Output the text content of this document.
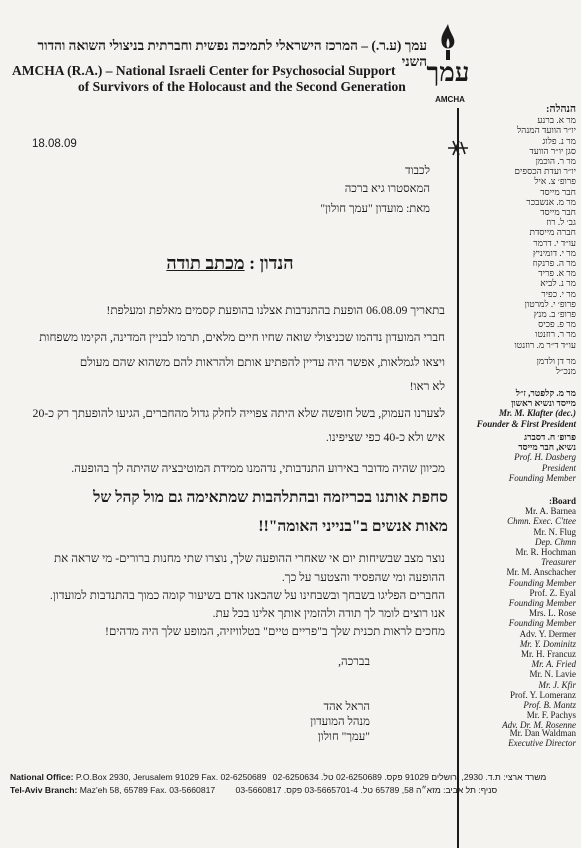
עמך (ע.ר.) – המרכז הישראלי לתמיכה נפשית וחברתית בניצולי השואה והדור השני
AMCHA (R.A.) – National Israeli Center for Psychosocial Support
of Survivors of the Holocaust and the Second Generation עמך
AMCHA
הנהלה:
מר א. ברנע
יו״ר הוועד המנהל
מר נ. פלוג
סגן יו״ר הוועד
מר ר. הוכמן
יו״ר ועדת הכספים
פרופ׳ צ. איל
חבר מייסד
מר מ. אנשבכר
חבר מייסד
גב׳ ל. רוז
חברה מייסדת
עו״ד י. דרמר
מר י. דומיניץ
מר ה. פרנקוז
מר א. פריד
מר נ. לביא
מר י. כפיר
פרופ׳ י. למרטון
פרופ׳ ב. מנץ
מר פ. פכיס
מר ר. רוזנטו
עו״ד ד״ר מ. רוזנטו
מר דן ולדמן
מנכ״ל
מר מ. קלפטר, ז״ל
מייסד ונשיא ראשון
Mr. M. Klafter (dec.)
Founder & First President
פרופ׳ ח. דסברג
נשיא, חבר מייסד
Prof. H. Dasberg
President
Founding Member
Board:
Mr. A. Barnea
Chmn. Exec. C'ttee
Mr. N. Flug
Dep. Chmn
Mr. R. Hochman
Treasurer
Mr. M. Anschacher
Founding Member
Prof. Z. Eyal
Founding Member
Mrs. L. Rose
Founding Member
Adv. Y. Dermer
Mr. Y. Dominitz
Mr. H. Francuz
Mr. A. Fried
Mr. N. Lavie
Mr. J. Kfir
Prof. Y. Lomeranz
Prof. B. Mantz
Mr. F. Pachys
Adv. Dr. M. Rosenne
Mr. Dan Waldman
Executive Director
18.08.09
לכבוד
המאסטרו גיא ברכה
מאת: מועדון "עמך חולון"
הנדון : מכתב תודה
בתאריך 06.08.09 הופעת בהתנדבות אצלנו בהופעת קסמים מאלפת ומעלפת!
חברי המועדון נדהמו שכניצולי שואה שחיו חיים מלאים, תרמו לבניין המדינה, הקימו משפחות
ויצאו לגמלאות, אפשר היה עדיין להפתיע אותם ולהראות להם משהוא שהם מעולם
לא ראו!
לצערנו העמוק, בשל חופשה שלא היתה צפוייה לחלק גדול מהחברים, הגיעו להופעתך רק כ-20
איש ולא כ-40 כפי שציפינו.
מכיוון שהיה מדובר באירוע התנדבותי, נדהמנו ממידת המוטיבציה שהיתה לך בהופעה.
סחפת אותנו בכריזמה ובהתלהבות שמתאימה גם מול קהל של
מאות אנשים ב"בנייני האומה"!!
נוצר מצב שבשיחות יום אי שאחרי ההופעה שלך, נוצרו שתי מחנות ברורים- מי שראה את
ההופעה ומי שהפסיד והצטער על כך.
החברים הפליגו בשבחך ובשבחינו על שהבאנו אדם בשיעור קומה כמוך בהתנדבות למועדון.
אנו רוצים לומר לך תודה ולהזמין אותך אלינו בכל עת.
מחכים לראות תכנית שלך ב"פריים טיים" בטלוויזיה, המופע שלך היה מדהים!
בברכה,
הראל אהד
מנהל המועדון
"עמך" חולון
National Office: P.O.Box 2930, Jerusalem 91029 Fax. 02-6250689 משרד ארצי: ת.ד. 2930, ירושלים 91029 פקס. 02-6250689 טל. 02-6250634
Tel-Aviv Branch: Maz'eh 58, 65789 Fax. 03-5660817 סניף: תל אביב: מזא״ה 58, 65789 טל. 03-5665701-4 פקס. 03-5660817
